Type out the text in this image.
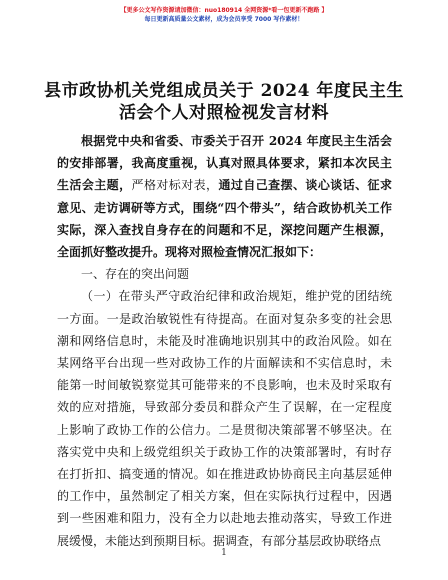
【更多公文写作资源请加微信：nuo180914 全网资源*看一包更新不跑路 】
每日更新高质量公文素材，成为会员享受 7000 写作素材！
县市政协机关党组成员关于 2024 年度民主生活会个人对照检视发言材料

根据党中央和省委、市委关于召开 2024 年度民主生活会的安排部署，我高度重视，认真对照具体要求，紧扣本次民主生活会主题，严格对标对表，通过自己查摆、谈心谈话、征求意见、走访调研等方式，围绕“四个带头”，结合政协机关工作实际，深入查找自身存在的问题和不足，深挖问题产生根源，全面抓好整改提升。现将对照检查情况汇报如下：

一、存在的突出问题

（一）在带头严守政治纪律和政治规矩，维护党的团结统一方面。一是政治敏锐性有待提高。在面对复杂多变的社会思潮和网络信息时，未能及时准确地识别其中的政治风险。如在某网络平台出现一些对政协工作的片面解读和不实信息时，未能第一时间敏锐察觉其可能带来的不良影响，也未及时采取有效的应对措施，导致部分委员和群众产生了误解，在一定程度上影响了政协工作的公信力。二是贯彻决策部署不够坚决。在落实党中央和上级党组织关于政协工作的决策部署时，有时存在打折扣、搞变通的情况。如在推进政协协商民主向基层延伸的工作中，虽然制定了相关方案，但在实际执行过程中，因遇到一些困难和阻力，没有全力以赴地去推动落实，导致工作进展缓慢，未能达到预期目标。据调查，有部分基层政协联络点

1
